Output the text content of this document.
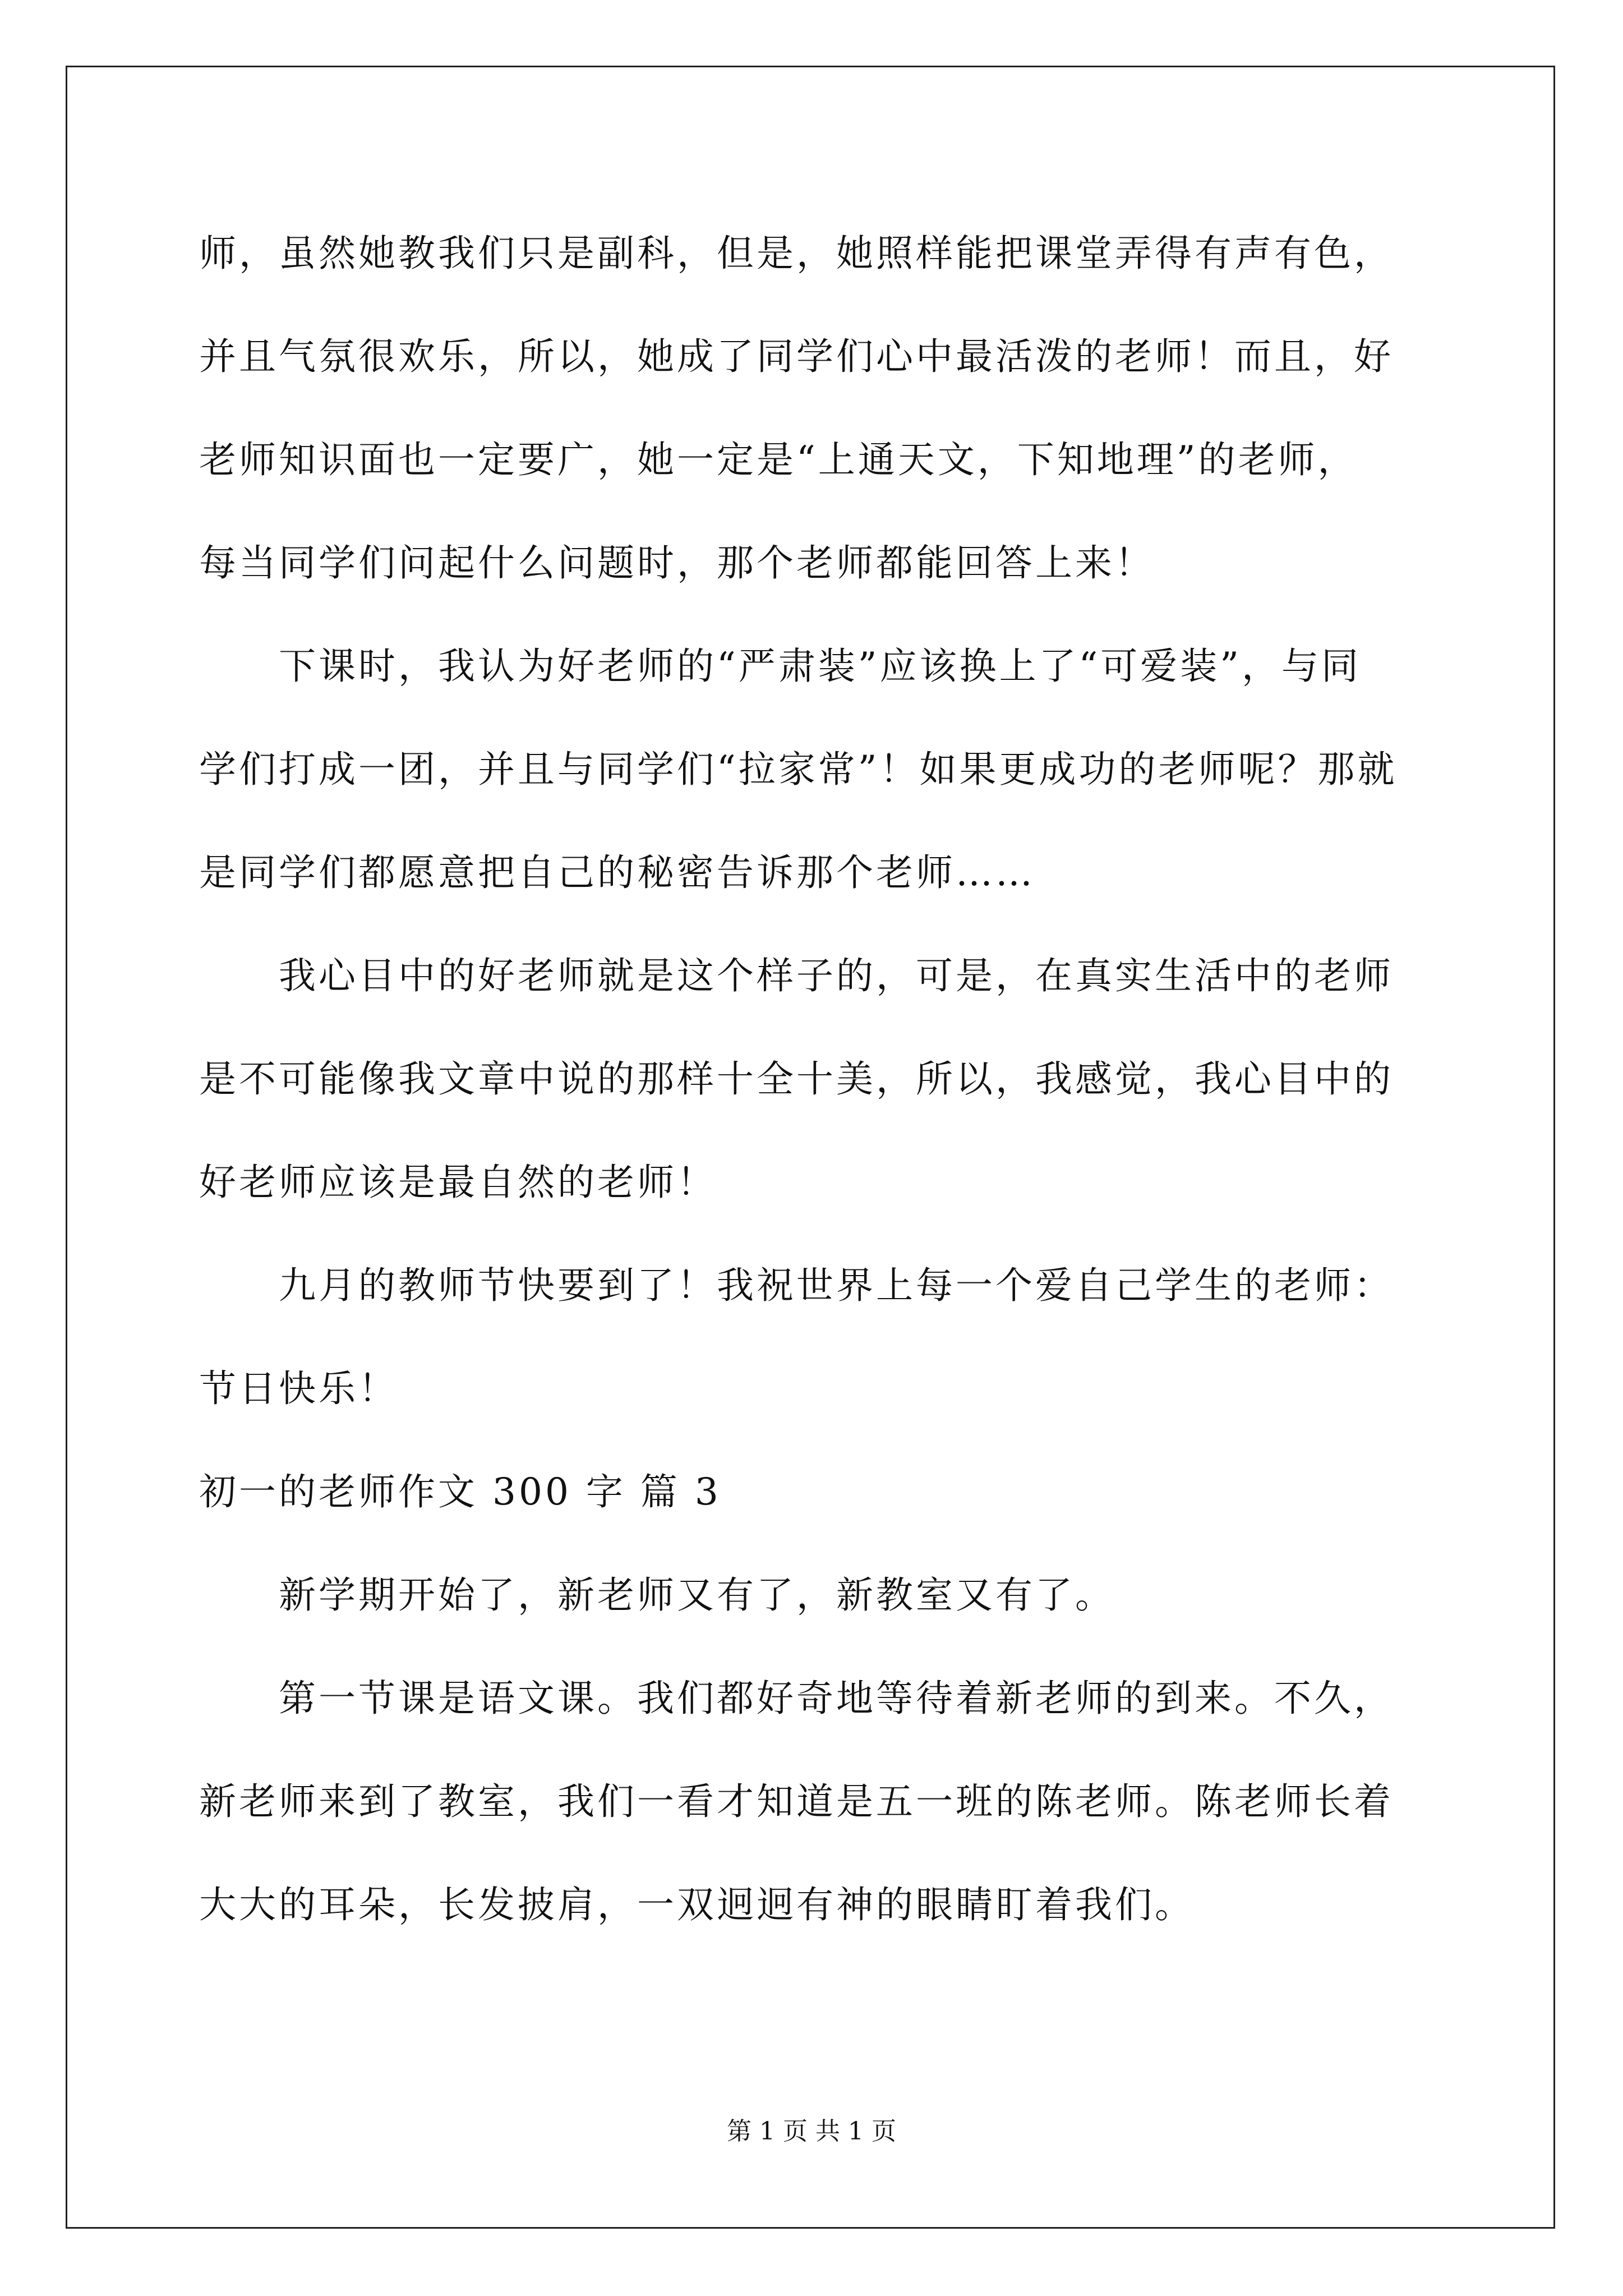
师，虽然她教我们只是副科，但是，她照样能把课堂弄得有声有色，
并且气氛很欢乐，所以，她成了同学们心中最活泼的老师！而且，好
老师知识面也一定要广，她一定是“上通天文，下知地理”的老师，
每当同学们问起什么问题时，那个老师都能回答上来！
下课时，我认为好老师的“严肃装”应该换上了“可爱装”，与同
学们打成一团，并且与同学们“拉家常”！如果更成功的老师呢？那就
是同学们都愿意把自己的秘密告诉那个老师……
我心目中的好老师就是这个样子的，可是，在真实生活中的老师
是不可能像我文章中说的那样十全十美，所以，我感觉，我心目中的
好老师应该是最自然的老师！
九月的教师节快要到了！我祝世界上每一个爱自己学生的老师：
节日快乐！
初一的老师作文 300 字 篇 3
新学期开始了，新老师又有了，新教室又有了。
第一节课是语文课。我们都好奇地等待着新老师的到来。不久，
新老师来到了教室，我们一看才知道是五一班的陈老师。陈老师长着
大大的耳朵，长发披肩，一双迥迥有神的眼睛盯着我们。
第 1 页 共 1 页
